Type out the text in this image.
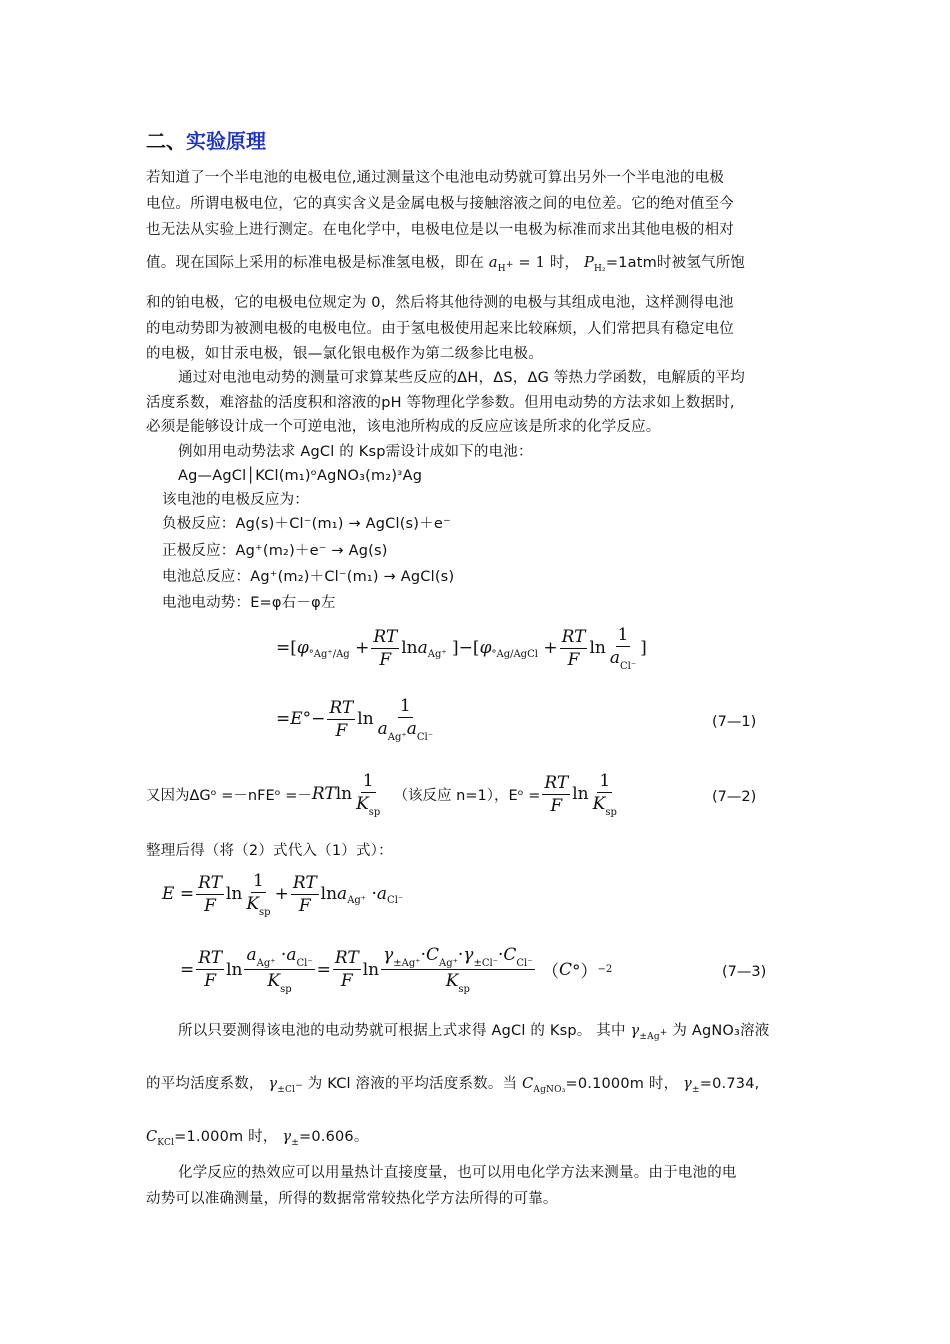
二、实验原理
若知道了一个半电池的电极电位,通过测量这个电池电动势就可算出另外一个半电池的电极
电位。所谓电极电位，它的真实含义是金属电极与接触溶液之间的电位差。它的绝对值至今
也无法从实验上进行测定。在电化学中，电极电位是以一电极为标准而求出其他电极的相对
值。现在国际上采用的标准电极是标准氢电极，即在 $a_{H^+} = 1$ 时， $P_{H_2}=1atm$时被氢气所饱
和的铂电极，它的电极电位规定为 0，然后将其他待测的电极与其组成电池，这样测得电池
的电动势即为被测电极的电极电位。由于氢电极使用起来比较麻烦，人们常把具有稳定电位
的电极，如甘汞电极，银—氯化银电极作为第二级参比电极。
通过对电池电动势的测量可求算某些反应的ΔH，ΔS，ΔG 等热力学函数，电解质的平均
活度系数，难溶盐的活度积和溶液的pH 等物理化学参数。但用电动势的方法求如上数据时,
必须是能够设计成一个可逆电池，该电池所构成的反应应该是所求的化学反应。
例如用电动势法求 AgCl 的 Ksp需设计成如下的电池：
Ag—AgCl│KCl(m₁)ᵒAgNO₃(m₂)ᵌAg
该电池的电极反应为：
负极反应：Ag(s)＋Cl⁻(m₁) → AgCl(s)＋e⁻
正极反应：Ag⁺(m₂)＋e⁻ → Ag(s)
电池总反应：Ag⁺(m₂)＋Cl⁻(m₁) → AgCl(s)
电池电动势：E=φ右－φ左
=[ φ $^\circ Ag^+/Ag + \frac{RT}{F}$ ln a Ag⁺ ]−[ φ °Ag/AgCl + $\frac{RT}{F}$ $\ln \frac{1}{a_{Cl^-}}$ ]
= E °− $\frac{RT}{F}$ $\ln \frac{1}{a_{Ag^+}a_{Cl^-}}$	(7—1)
又因为ΔGᵒ =－nFEᵒ =－ RT $\ln \frac{1}{K_{sp}}$
（该反应 n=1），Eᵒ = $\frac{RT}{F}$ $\ln \frac{1}{K_{sp}}$	(7—2)
整理后得（将（2）式代入（1）式）：
$E = \frac{RT}{F}$ $\ln \frac{1}{K_{sp}} + \frac{RT}{F}$ ln a Ag⁺ · a Cl⁻
= $\frac{RT}{F}$ $\ln \frac{a_{Ag^+} \cdot a_{Cl^-}}{K_{sp}} = \frac{RT}{F}$ $\ln \frac{\gamma_{\pm Ag^+}\cdot C_{Ag^+}\cdot\gamma_{\pm Cl^-}\cdot C_{Cl^-}}{K_{sp}}$ （ C °） −2	(7—3)
所以只要测得该电池的电动势就可根据上式求得 AgCl 的 Ksp。 其中 $\gamma_{\pm Ag^+}$ 为 AgNO₃溶液
的平均活度系数， $\gamma_{\pm Cl^-}$ 为 KCl 溶液的平均活度系数。当 $C_{AgNO_3}=0.1000m$ 时， $\gamma_\pm=0.734$,
$C_{KCl}=1.000m$ 时， $\gamma_\pm=0.606$。
化学反应的热效应可以用量热计直接度量，也可以用电化学方法来测量。由于电池的电
动势可以准确测量，所得的数据常常较热化学方法所得的可靠。
